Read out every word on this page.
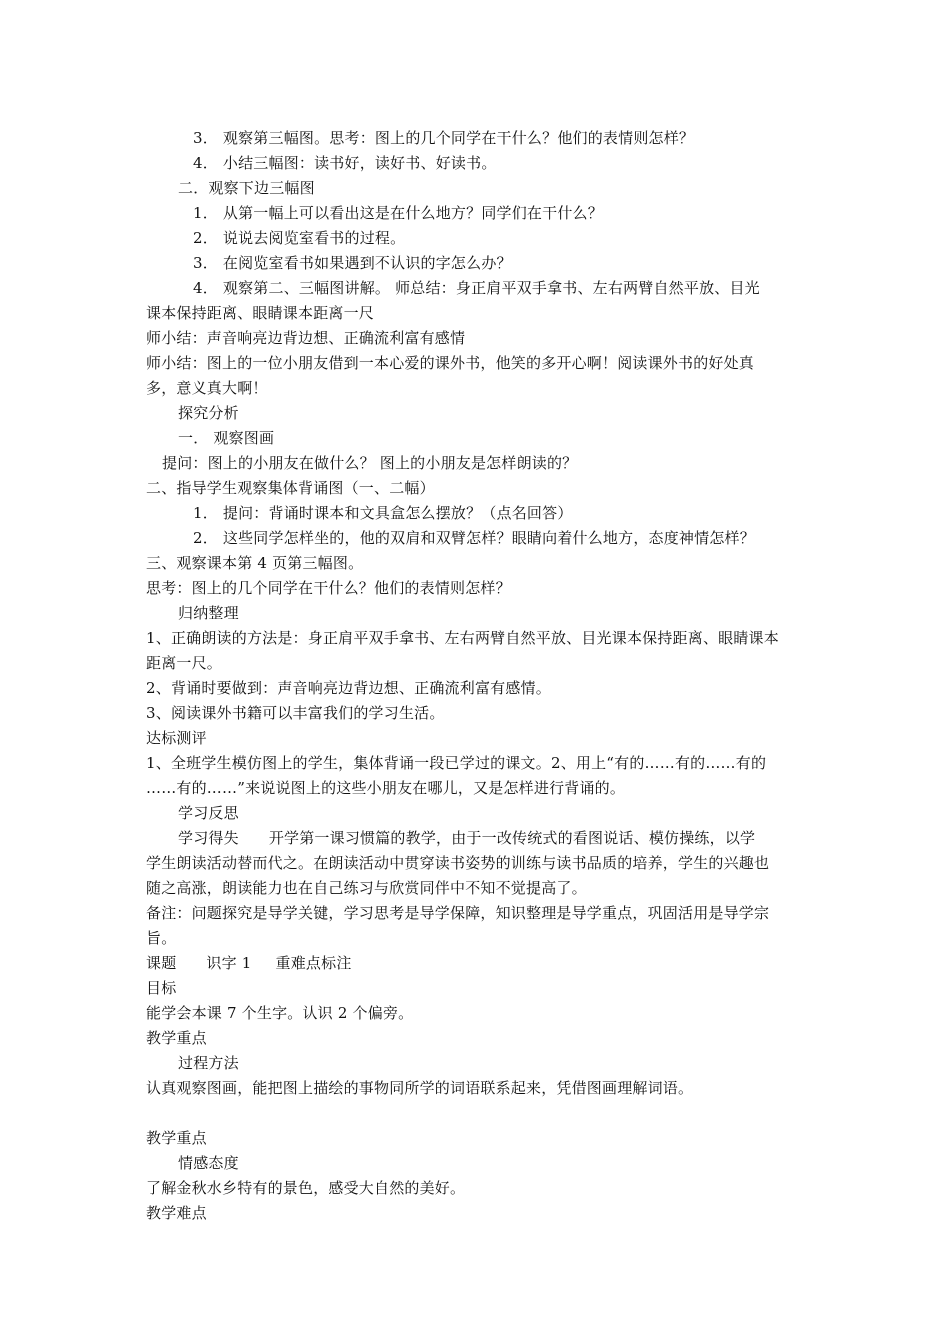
3． 观察第三幅图。思考：图上的几个同学在干什么？他们的表情则怎样？
4． 小结三幅图：读书好，读好书、好读书。
二．观察下边三幅图
1． 从第一幅上可以看出这是在什么地方？同学们在干什么？
2． 说说去阅览室看书的过程。
3． 在阅览室看书如果遇到不认识的字怎么办？
4． 观察第二、三幅图讲解。 师总结：身正肩平双手拿书、左右两臂自然平放、目光
课本保持距离、眼睛课本距离一尺
师小结：声音响亮边背边想、正确流利富有感情
师小结：图上的一位小朋友借到一本心爱的课外书，他笑的多开心啊！阅读课外书的好处真
多，意义真大啊！
探究分析
一． 观察图画
提问：图上的小朋友在做什么？ 图上的小朋友是怎样朗读的？
二、指导学生观察集体背诵图（一、二幅）
1． 提问：背诵时课本和文具盒怎么摆放？（点名回答）
2． 这些同学怎样坐的，他的双肩和双臂怎样？眼睛向着什么地方，态度神情怎样？
三、观察课本第 4 页第三幅图。
思考：图上的几个同学在干什么？他们的表情则怎样？
归纳整理
1、正确朗读的方法是：身正肩平双手拿书、左右两臂自然平放、目光课本保持距离、眼睛课本
距离一尺。
2、背诵时要做到：声音响亮边背边想、正确流利富有感情。
3、阅读课外书籍可以丰富我们的学习生活。
达标测评
1、全班学生模仿图上的学生，集体背诵一段已学过的课文。2、用上“有的……有的……有的
……有的……”来说说图上的这些小朋友在哪儿，又是怎样进行背诵的。
学习反思
学习得失 开学第一课习惯篇的教学，由于一改传统式的看图说话、模仿操练，以学
学生朗读活动替而代之。在朗读活动中贯穿读书姿势的训练与读书品质的培养，学生的兴趣也
随之高涨，朗读能力也在自己练习与欣赏同伴中不知不觉提高了。
备注：问题探究是导学关键，学习思考是导学保障，知识整理是导学重点，巩固活用是导学宗
旨。
课题 识字 1 重难点标注
目标
能学会本课 7 个生字。认识 2 个偏旁。
教学重点
过程方法
认真观察图画，能把图上描绘的事物同所学的词语联系起来，凭借图画理解词语。
教学重点
情感态度
了解金秋水乡特有的景色，感受大自然的美好。
教学难点
